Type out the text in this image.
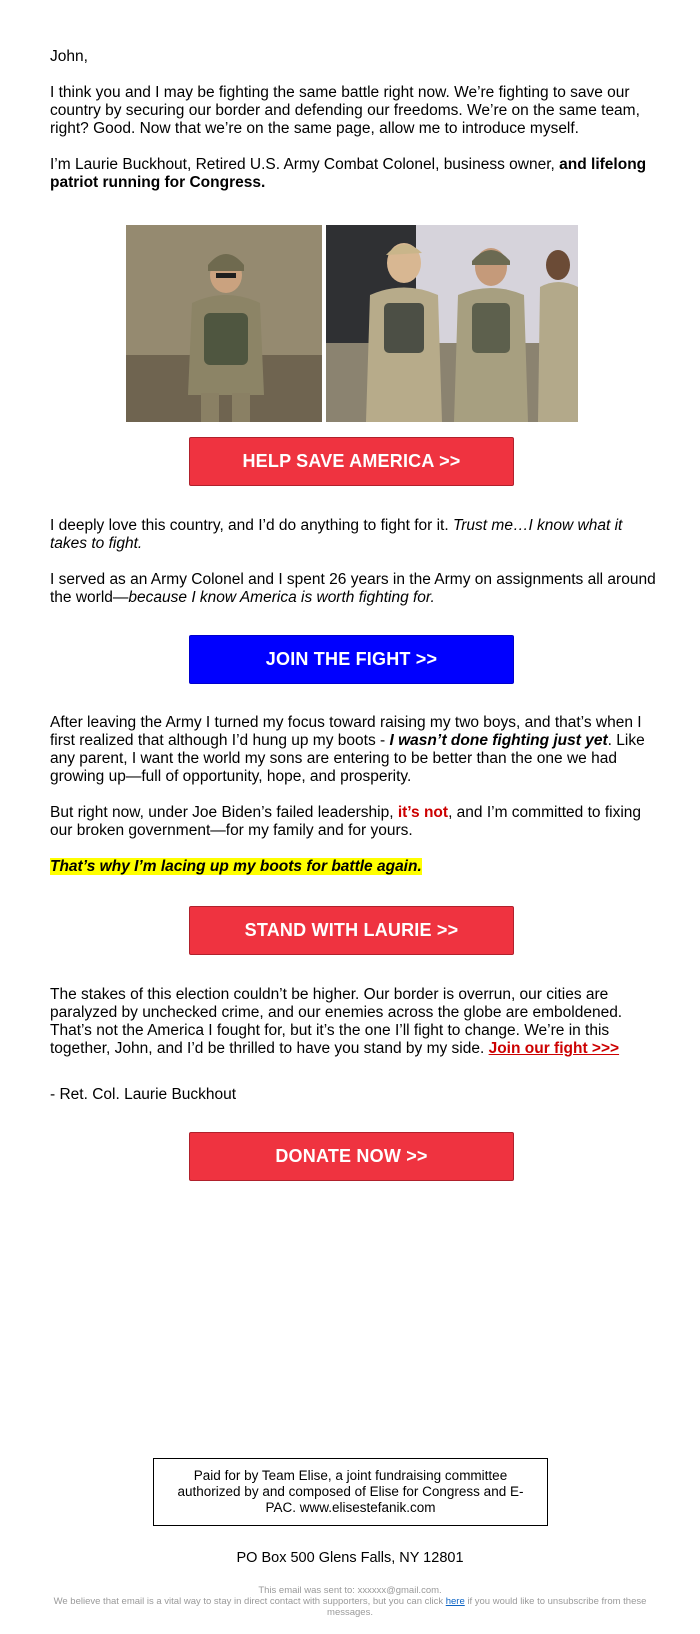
John,

I think you and I may be fighting the same battle right now. We’re fighting to save our country by securing our border and defending our freedoms. We’re on the same team, right? Good. Now that we’re on the same page, allow me to introduce myself.

I’m Laurie Buckhout, Retired U.S. Army Combat Colonel, business owner, and lifelong patriot running for Congress.

HELP SAVE AMERICA >>

I deeply love this country, and I’d do anything to fight for it. Trust me…I know what it takes to fight.

I served as an Army Colonel and I spent 26 years in the Army on assignments all around the world—because I know America is worth fighting for.

JOIN THE FIGHT >>

After leaving the Army I turned my focus toward raising my two boys, and that’s when I first realized that although I’d hung up my boots - I wasn’t done fighting just yet. Like any parent, I want the world my sons are entering to be better than the one we had growing up—full of opportunity, hope, and prosperity.

But right now, under Joe Biden’s failed leadership, it’s not, and I’m committed to fixing our broken government—for my family and for yours.

That’s why I’m lacing up my boots for battle again.

STAND WITH LAURIE >>

The stakes of this election couldn’t be higher. Our border is overrun, our cities are paralyzed by unchecked crime, and our enemies across the globe are emboldened. That’s not the America I fought for, but it’s the one I’ll fight to change. We’re in this together, John, and I’d be thrilled to have you stand by my side. Join our fight >>>

- Ret. Col. Laurie Buckhout

DONATE NOW >>
Paid for by Team Elise, a joint fundraising committee authorized by and composed of Elise for Congress and E-PAC. www.elisestefanik.com
PO Box 500 Glens Falls, NY 12801
This email was sent to: xxxxxx@gmail.com.
We believe that email is a vital way to stay in direct contact with supporters, but you can click here if you would like to unsubscribe from these messages.
